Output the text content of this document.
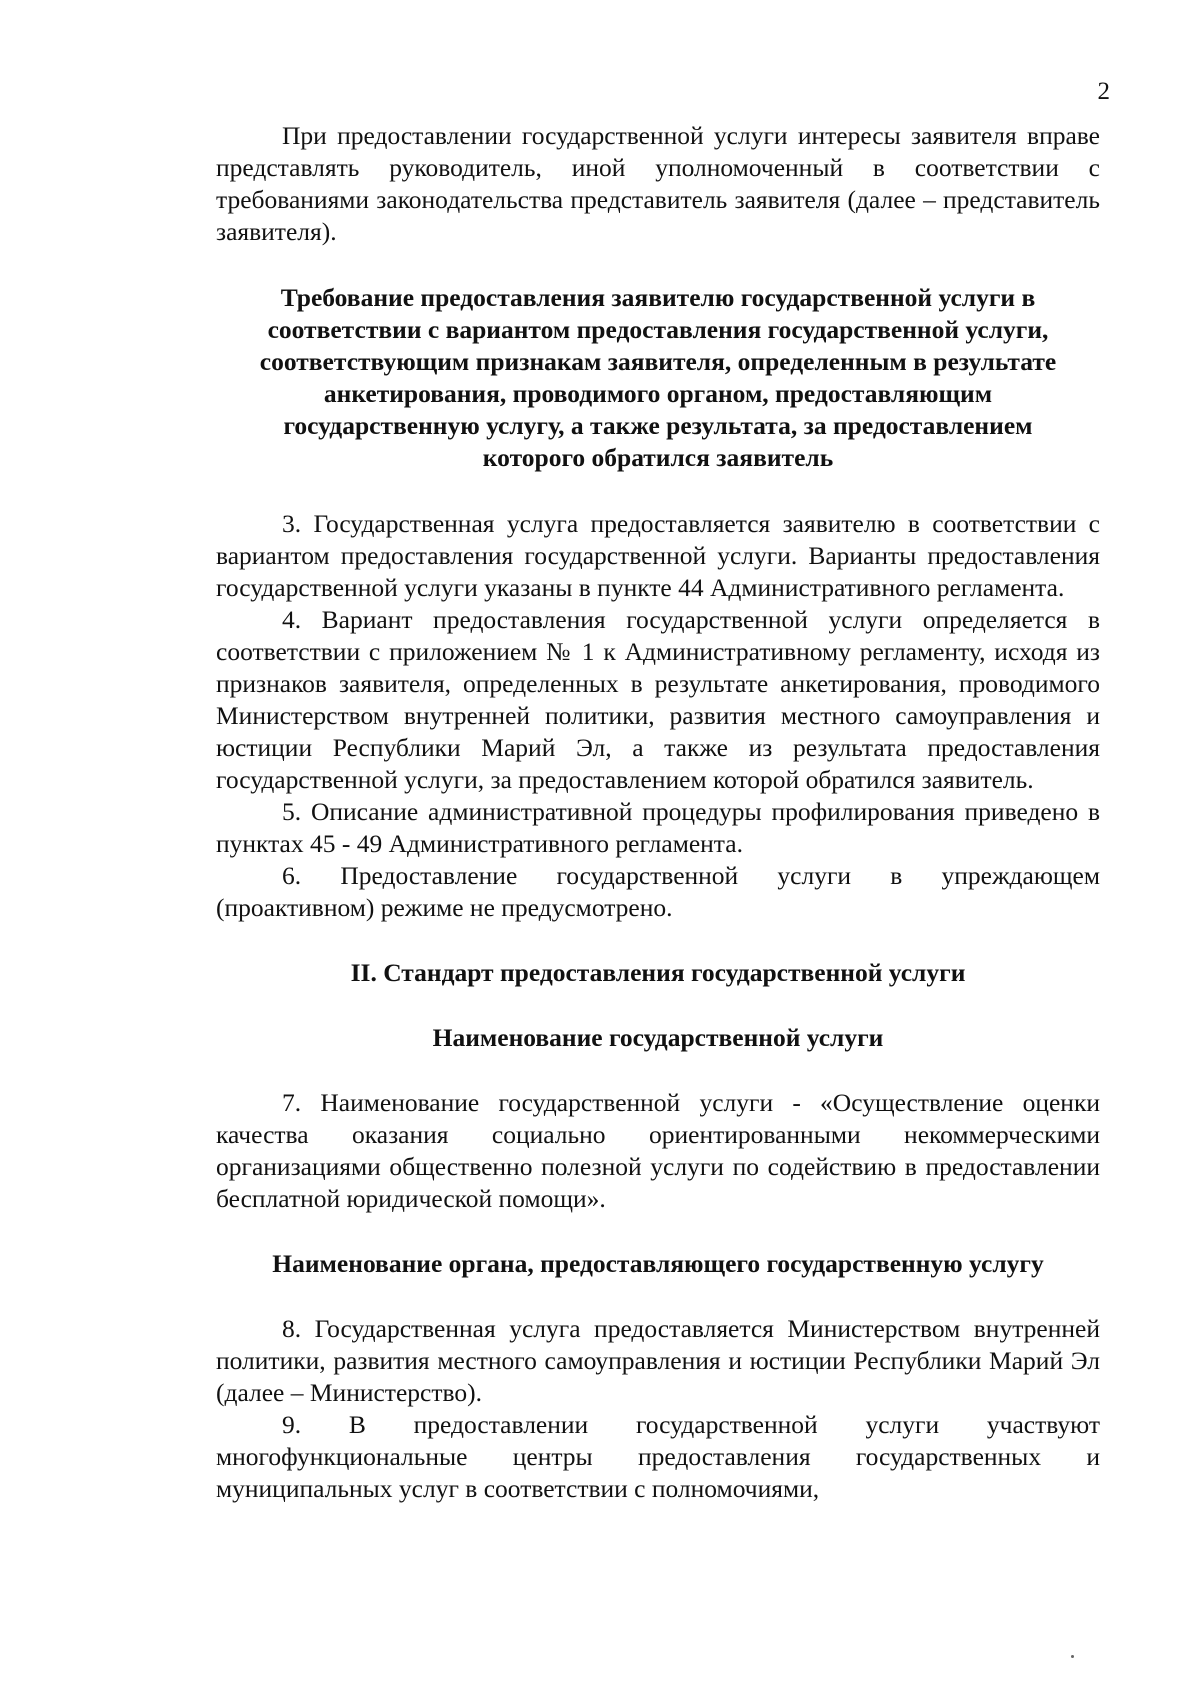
2

При предоставлении государственной услуги интересы заявителя вправе представлять руководитель, иной уполномоченный в соответствии с требованиями законодательства представитель заявителя (далее – представитель заявителя).

Требование предоставления заявителю государственной услуги в соответствии с вариантом предоставления государственной услуги, соответствующим признакам заявителя, определенным в результате анкетирования, проводимого органом, предоставляющим государственную услугу, а также результата, за предоставлением которого обратился заявитель

3. Государственная услуга предоставляется заявителю в соответствии с вариантом предоставления государственной услуги. Варианты предоставления государственной услуги указаны в пункте 44 Административного регламента.

4. Вариант предоставления государственной услуги определяется в соответствии с приложением № 1 к Административному регламенту, исходя из признаков заявителя, определенных в результате анкетирования, проводимого Министерством внутренней политики, развития местного самоуправления и юстиции Республики Марий Эл, а также из результата предоставления государственной услуги, за предоставлением которой обратился заявитель.

5. Описание административной процедуры профилирования приведено в пунктах 45 - 49 Административного регламента.

6. Предоставление государственной услуги в упреждающем (проактивном) режиме не предусмотрено.

II. Стандарт предоставления государственной услуги

Наименование государственной услуги

7. Наименование государственной услуги - «Осуществление оценки качества оказания социально ориентированными некоммерческими организациями общественно полезной услуги по содействию в предоставлении бесплатной юридической помощи».

Наименование органа, предоставляющего государственную услугу

8. Государственная услуга предоставляется Министерством внутренней политики, развития местного самоуправления и юстиции Республики Марий Эл (далее – Министерство).

9. В предоставлении государственной услуги участвуют многофункциональные центры предоставления государственных и муниципальных услуг в соответствии с полномочиями,
